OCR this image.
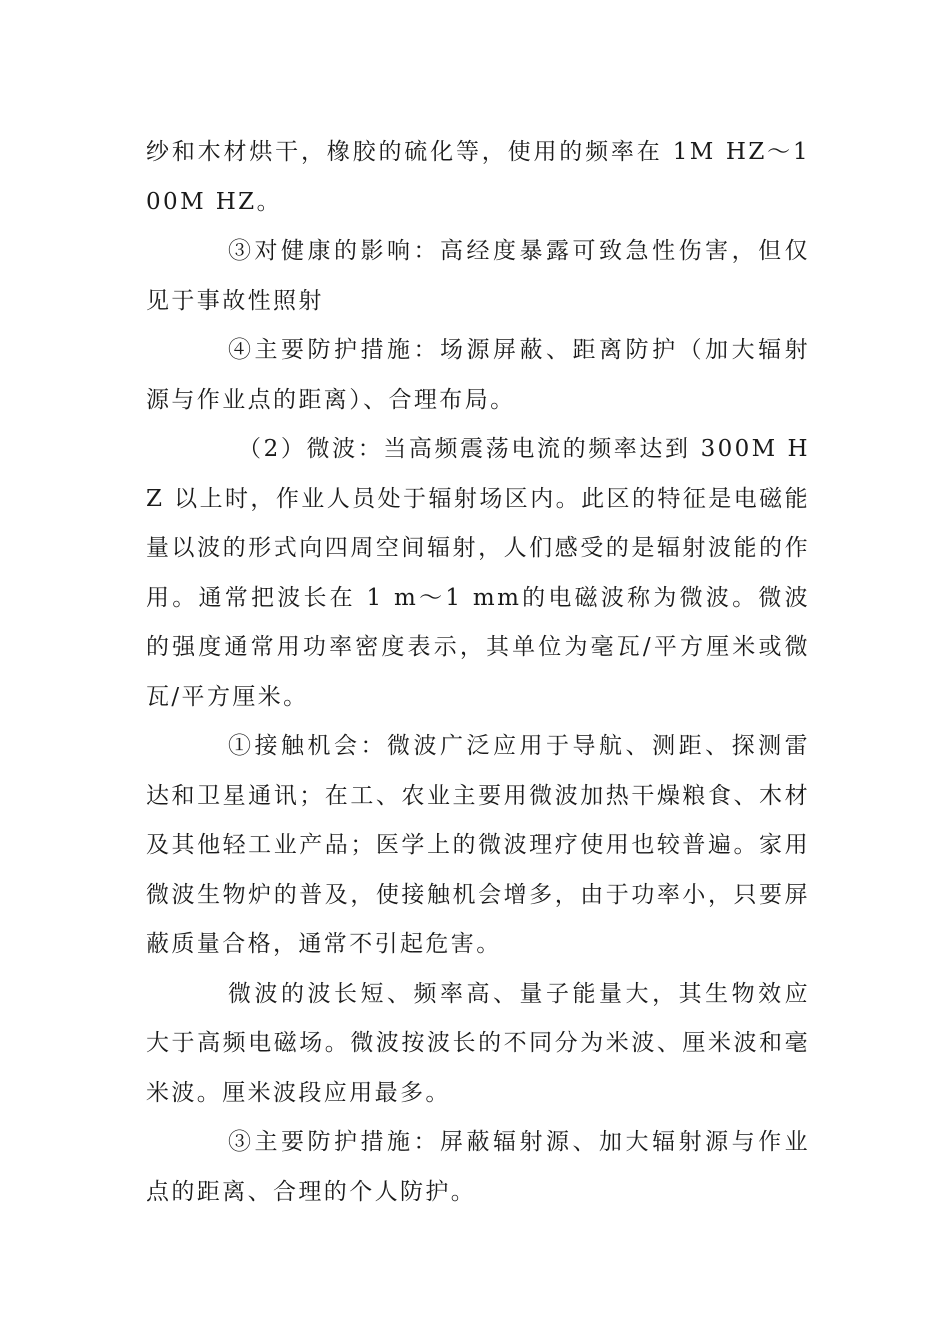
纱和木材烘干，橡胶的硫化等，使用的频率在 1M HZ～100M HZ。

③对健康的影响：高经度暴露可致急性伤害，但仅见于事故性照射

④主要防护措施：场源屏蔽、距离防护（加大辐射源与作业点的距离）、合理布局。

（2）微波：当高频震荡电流的频率达到 300M HZ 以上时，作业人员处于辐射场区内。此区的特征是电磁能量以波的形式向四周空间辐射，人们感受的是辐射波能的作用。通常把波长在 1 m～1 mm的电磁波称为微波。微波的强度通常用功率密度表示，其单位为毫瓦/平方厘米或微瓦/平方厘米。

①接触机会：微波广泛应用于导航、测距、探测雷达和卫星通讯；在工、农业主要用微波加热干燥粮食、木材及其他轻工业产品；医学上的微波理疗使用也较普遍。家用微波生物炉的普及，使接触机会增多，由于功率小，只要屏蔽质量合格，通常不引起危害。

微波的波长短、频率高、量子能量大，其生物效应大于高频电磁场。微波按波长的不同分为米波、厘米波和毫米波。厘米波段应用最多。

③主要防护措施：屏蔽辐射源、加大辐射源与作业点的距离、合理的个人防护。
